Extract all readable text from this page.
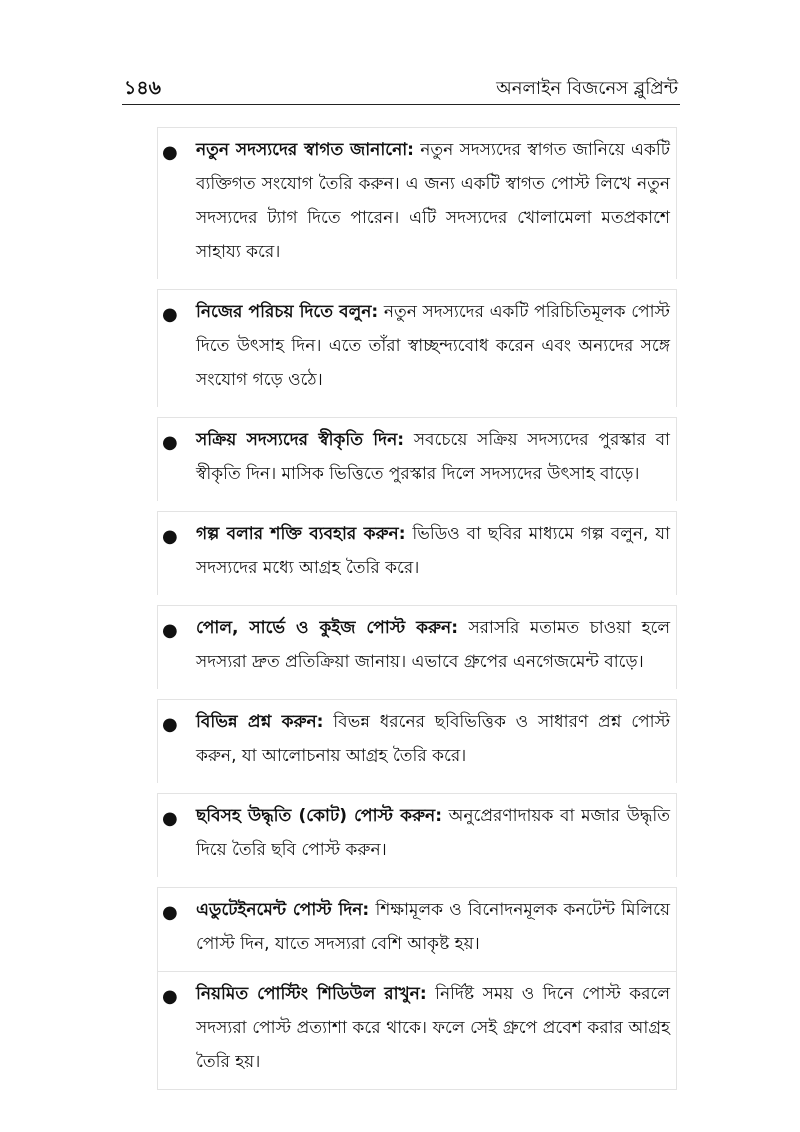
১৪৬	অনলাইন বিজনেস ব্লুপ্রিন্ট
● নতুন সদস্যদের স্বাগত জানানো: নতুন সদস্যদের স্বাগত জানিয়ে একটি ব্যক্তিগত সংযোগ তৈরি করুন। এ জন্য একটি স্বাগত পোস্ট লিখে নতুন সদস্যদের ট্যাগ দিতে পারেন। এটি সদস্যদের খোলামেলা মতপ্রকাশে সাহায্য করে।
● নিজের পরিচয় দিতে বলুন: নতুন সদস্যদের একটি পরিচিতিমূলক পোস্ট দিতে উৎসাহ দিন। এতে তাঁরা স্বাচ্ছন্দ্যবোধ করেন এবং অন্যদের সঙ্গে সংযোগ গড়ে ওঠে।
● সক্রিয় সদস্যদের স্বীকৃতি দিন: সবচেয়ে সক্রিয় সদস্যদের পুরস্কার বা স্বীকৃতি দিন। মাসিক ভিত্তিতে পুরস্কার দিলে সদস্যদের উৎসাহ বাড়ে।
● গল্প বলার শক্তি ব্যবহার করুন: ভিডিও বা ছবির মাধ্যমে গল্প বলুন, যা সদস্যদের মধ্যে আগ্রহ তৈরি করে।
● পোল, সার্ভে ও কুইজ পোস্ট করুন: সরাসরি মতামত চাওয়া হলে সদস্যরা দ্রুত প্রতিক্রিয়া জানায়। এভাবে গ্রুপের এনগেজমেন্ট বাড়ে।
● বিভিন্ন প্রশ্ন করুন: বিভন্ন ধরনের ছবিভিত্তিক ও সাধারণ প্রশ্ন পোস্ট করুন, যা আলোচনায় আগ্রহ তৈরি করে।
● ছবিসহ উদ্ধৃতি (কোট) পোস্ট করুন: অনুপ্রেরণাদায়ক বা মজার উদ্ধৃতি দিয়ে তৈরি ছবি পোস্ট করুন।
● এডুটেইনমেন্ট পোস্ট দিন: শিক্ষামূলক ও বিনোদনমূলক কনটেন্ট মিলিয়ে পোস্ট দিন, যাতে সদস্যরা বেশি আকৃষ্ট হয়।
● নিয়মিত পোস্টিং শিডিউল রাখুন: নির্দিষ্ট সময় ও দিনে পোস্ট করলে সদস্যরা পোস্ট প্রত্যাশা করে থাকে। ফলে সেই গ্রুপে প্রবেশ করার আগ্রহ তৈরি হয়।
